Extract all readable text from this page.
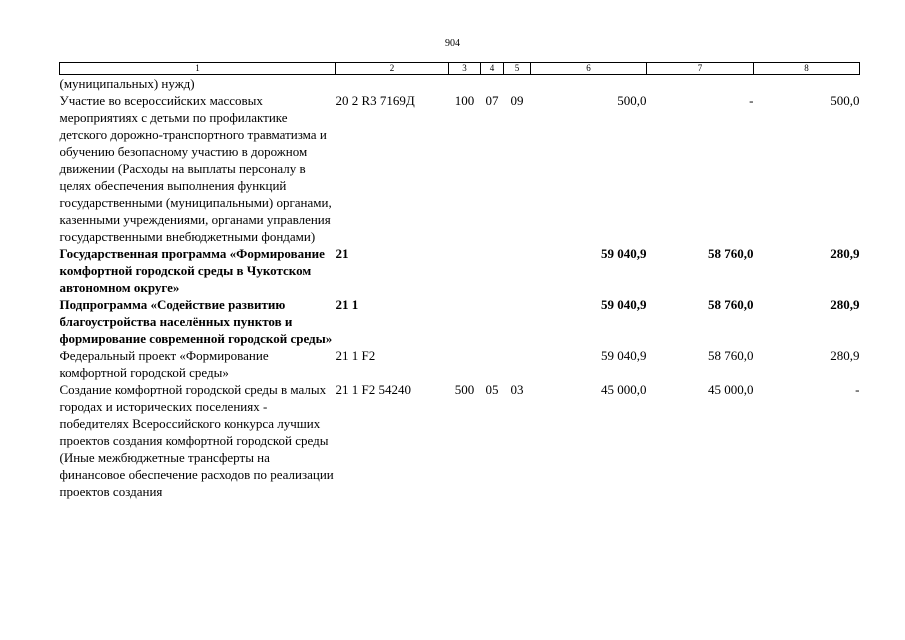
904
1	2	3	4	5	6	7	8
(муниципальных) нужд)							
Участие во всероссийских массовых мероприятиях с детьми по профилактике детского дорожно-транспортного травматизма и обучению безопасному участию в дорожном движении (Расходы на выплаты персоналу в целях обеспечения выполнения функций государственными (муниципальными) органами, казенными учреждениями, органами управления государственными внебюджетными фондами)	20 2 R3 7169Д	100	07	09	500,0	-	500,0
Государственная программа «Формирование комфортной городской среды в Чукотском автономном округе»	21				59 040,9	58 760,0	280,9
Подпрограмма «Содействие развитию благоустройства населённых пунктов и формирование современной городской среды»	21 1				59 040,9	58 760,0	280,9
Федеральный проект «Формирование комфортной городской среды»	21 1 F2				59 040,9	58 760,0	280,9
Создание комфортной городской среды в малых городах и исторических поселениях - победителях Всероссийского конкурса лучших проектов создания комфортной городской среды (Иные межбюджетные трансферты на финансовое обеспечение расходов по реализации проектов создания	21 1 F2 54240	500	05	03	45 000,0	45 000,0	-
